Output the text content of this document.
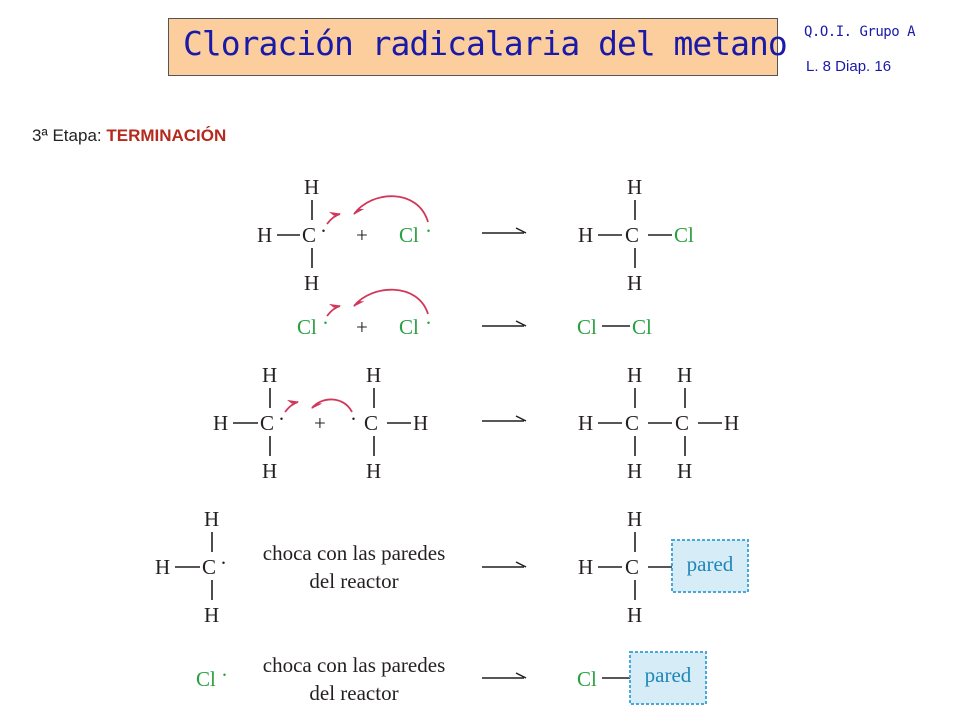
Cloración radicalaria del metano Q.O.I. Grupo A
L. 8 Diap. 16
3ª Etapa: TERMINACIÓN
H
H C ·
H
+ Cl ·
H
H C Cl
H
Cl · + Cl ·	Cl Cl
H
H C ·
H
+ ·
H
C H
H
H
H C
H
H
C H
H
H
H C ·
H
choca con las paredes
del reactor
H
H C
H
pared
Cl · choca con las paredes
del reactor
Cl pared
